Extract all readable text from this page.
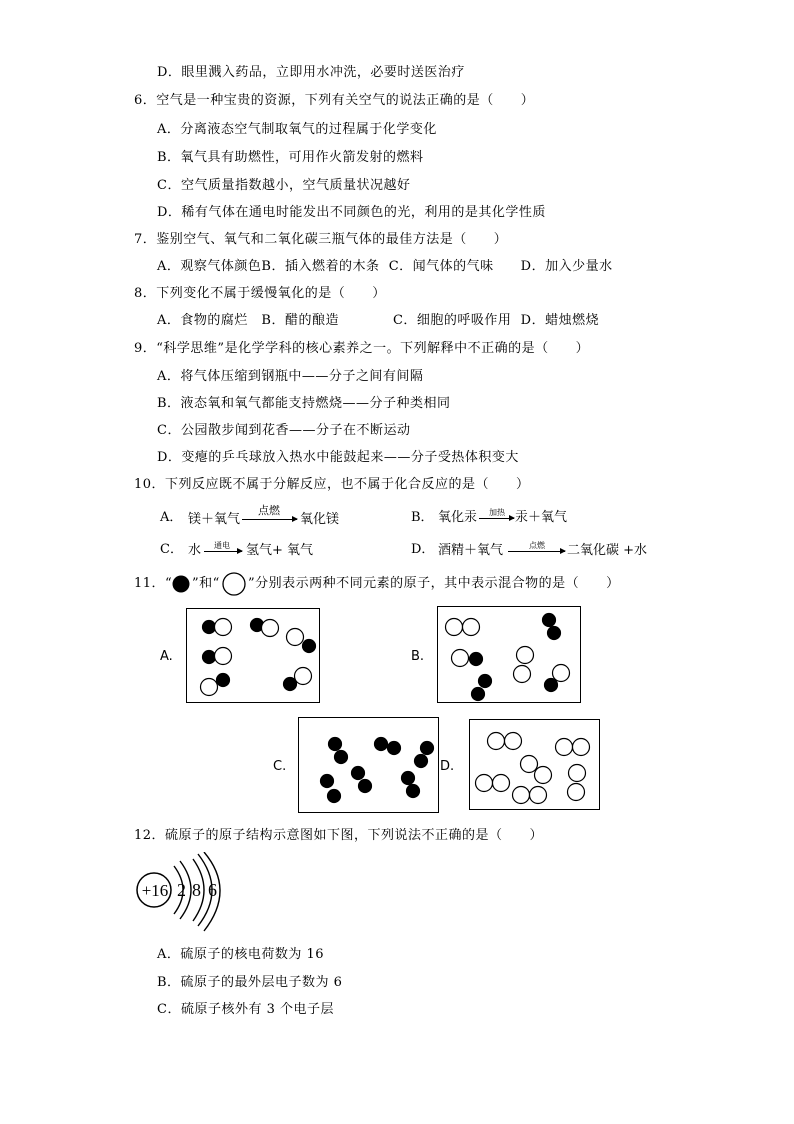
D．眼里溅入药品，立即用水冲洗，必要时送医治疗
6．空气是一种宝贵的资源，下列有关空气的说法正确的是（　　）
A．分离液态空气制取氧气的过程属于化学变化
B．氧气具有助燃性，可用作火箭发射的燃料
C．空气质量指数越小，空气质量状况越好
D．稀有气体在通电时能发出不同颜色的光，利用的是其化学性质
7．鉴别空气、氧气和二氧化碳三瓶气体的最佳方法是（　　）
A．观察气体颜色B．插入燃着的木条  C．闻气体的气味　　D．加入少量水
8．下列变化不属于缓慢氧化的是（　　）
A．食物的腐烂　B．醋的酿造　　　　C．细胞的呼吸作用  D．蜡烛燃烧
9．“科学思维”是化学学科的核心素养之一。下列解释中不正确的是（　　）
A．将气体压缩到钢瓶中——分子之间有间隔
B．液态氧和氧气都能支持燃烧——分子种类相同
C．公园散步闻到花香——分子在不断运动
D．变瘪的乒乓球放入热水中能鼓起来——分子受热体积变大
10．下列反应既不属于分解反应，也不属于化合反应的是（　　）
A． 镁＋氧气
点燃
氧化镁	B． 氧化汞 加热 汞＋氧气
C． 水 通电 氢气+ 氧气	D． 酒精＋氧气	点燃 二氧化碳 +水
11．“ ”和“ ”分别表示两种不同元素的原子，其中表示混合物的是（　　）
A.	B.
C.	D.
12．硫原子的原子结构示意图如下图，下列说法不正确的是（　　）
+16 2 8 6
A．硫原子的核电荷数为 16
B．硫原子的最外层电子数为 6
C．硫原子核外有 3 个电子层
